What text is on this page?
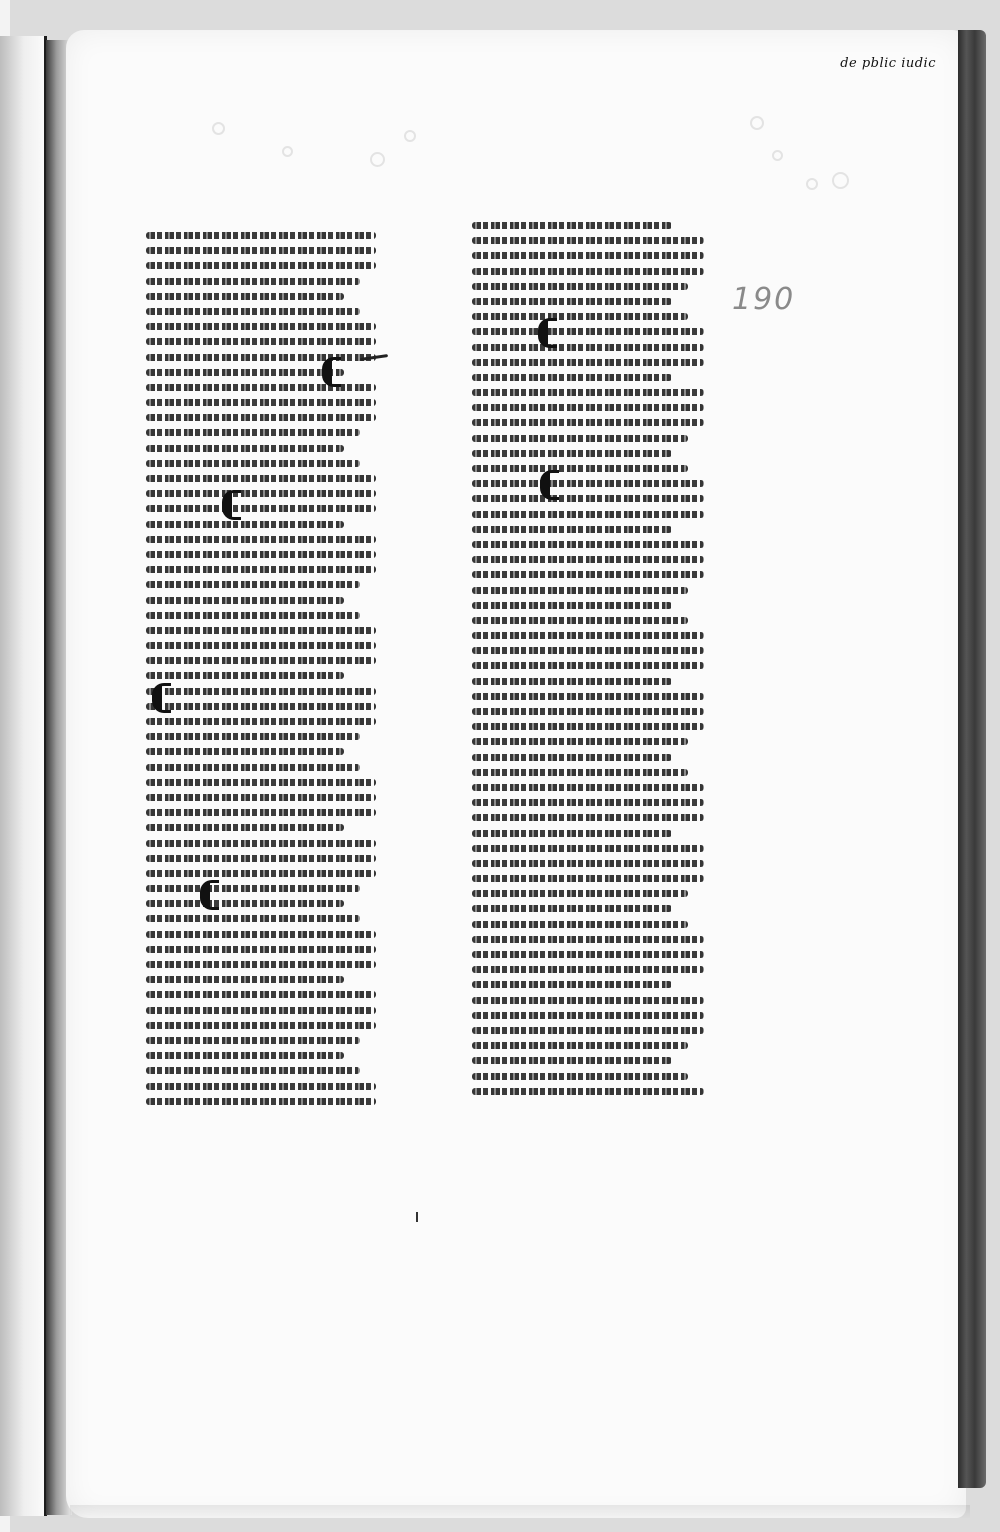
de pblic iudic
190
